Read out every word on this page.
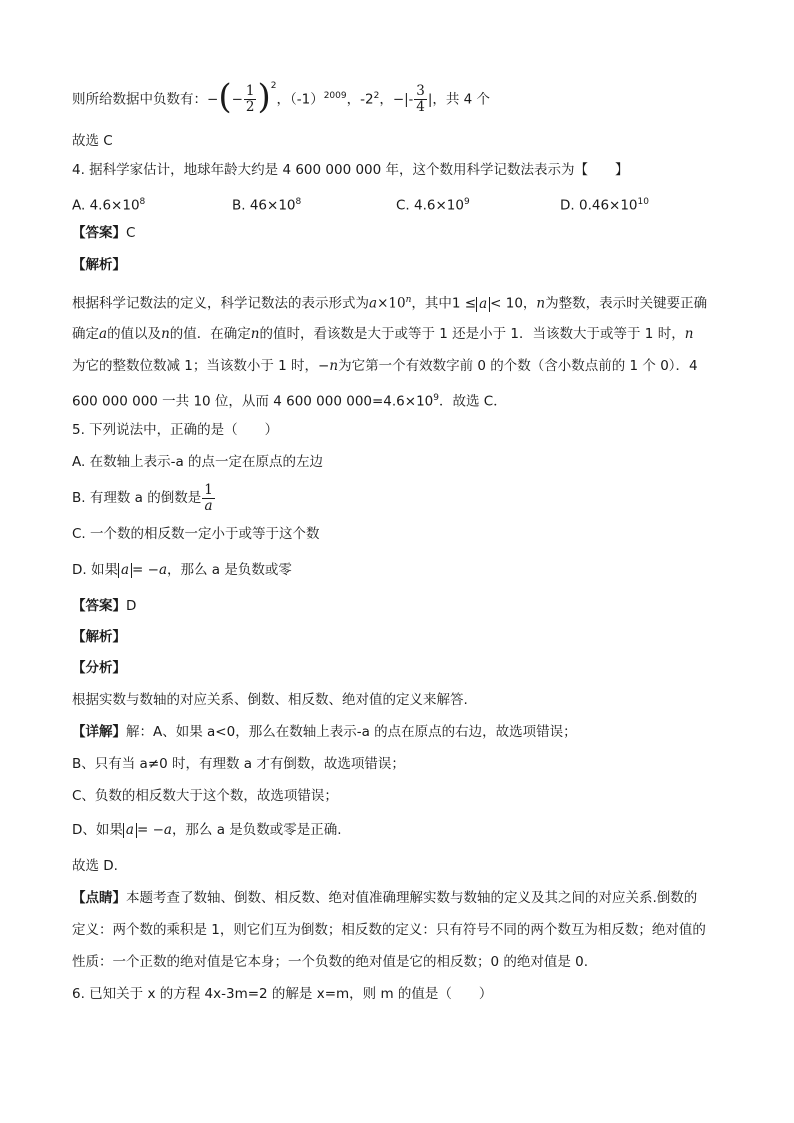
则所给数据中负数有：−(− $\frac{1}{2} )^2$，$(-1)^{2009}$，$-2^2$，−|- $\frac{3}{4}$ |，共 4 个
故选 C
4. 据科学家估计，地球年龄大约是 4 600 000 000 年，这个数用科学记数法表示为【　　】
A. $4.6\times 10^8$	B. $46\times 10^8$	C. $4.6\times 10^9$	D. $0.46\times 10^{10}$
【答案】C
【解析】
根据科学记数法的定义，科学记数法的表示形式为$a\times 10^n$，其中1 ≤ a < 10，n为整数，表示时关键要正确
确定a的值以及n的值．在确定n的值时，看该数是大于或等于 1 还是小于 1．当该数大于或等于 1 时，n
为它的整数位数减 1；当该数小于 1 时，−n为它第一个有效数字前 0 的个数（含小数点前的 1 个 0）．4
600 000 000 一共 10 位，从而 4 600 000 $000=4.6\times 10^9$．故选 C．
5. 下列说法中，正确的是（　　）
A. 在数轴上表示-a 的点一定在原点的左边
B. 有理数 a 的倒数是 $\frac{1}{a}$
C. 一个数的相反数一定小于或等于这个数
D. 如果 a = −a，那么 a 是负数或零
【答案】D
【解析】
【分析】
根据实数与数轴的对应关系、倒数、相反数、绝对值的定义来解答.
【详解】解：A、如果 a<0，那么在数轴上表示-a 的点在原点的右边，故选项错误；
B、只有当 a≠0 时，有理数 a 才有倒数，故选项错误；
C、负数的相反数大于这个数，故选项错误；
D、如果 a = −a，那么 a 是负数或零是正确.
故选 D.
【点睛】本题考查了数轴、倒数、相反数、绝对值准确理解实数与数轴的定义及其之间的对应关系.倒数的
定义：两个数的乘积是 1，则它们互为倒数；相反数的定义：只有符号不同的两个数互为相反数；绝对值的
性质：一个正数的绝对值是它本身；一个负数的绝对值是它的相反数；0 的绝对值是 0.
6. 已知关于 x 的方程 4x-3m=2 的解是 x=m，则 m 的值是（　　）
